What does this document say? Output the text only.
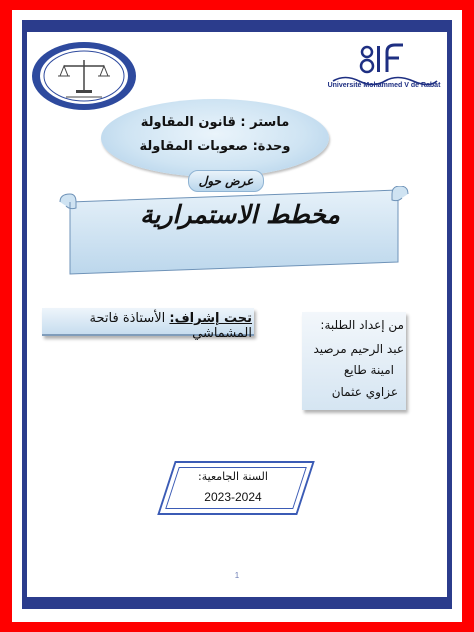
Université Mohammed V de Rabat
ماستر : قانون المقاولة
وحدة: صعوبات المقاولة
عرض حول
مخطط الاستمرارية
تحت إشراف: الأستاذة فاتحة المشماشي
من إعداد الطلبة:
عبد الرحيم مرصيد
امينة طايع
عزاوي عثمان
السنة الجامعية:
2023-2024
1
